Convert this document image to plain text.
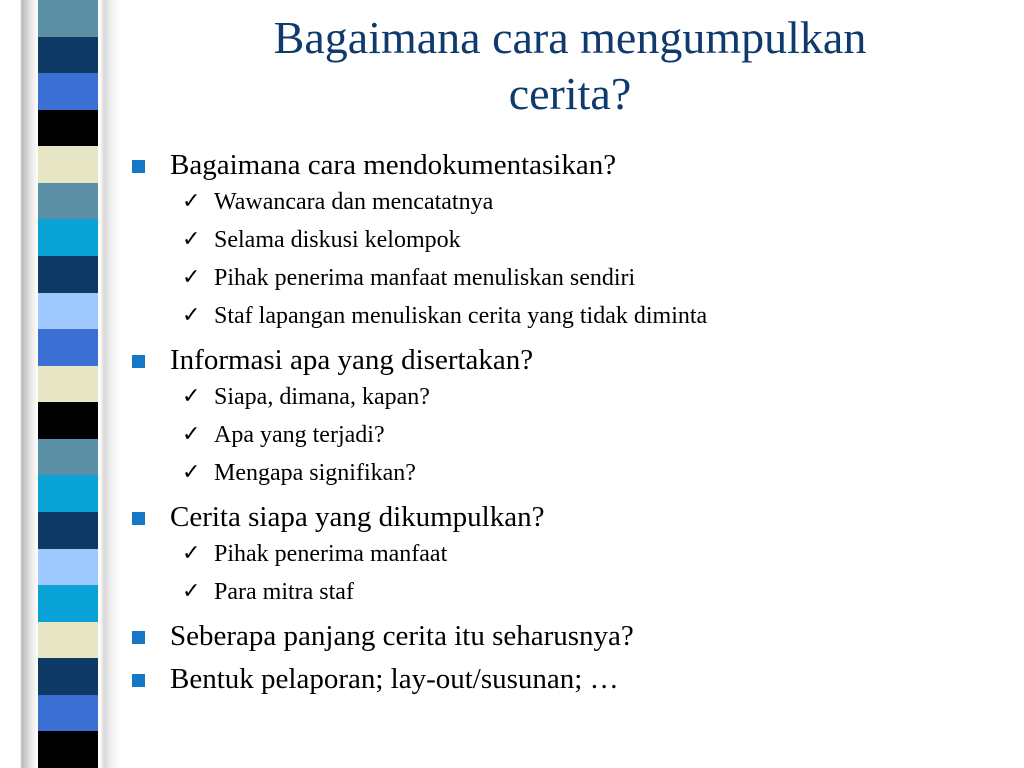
Bagaimana cara mengumpulkan
cerita?
Bagaimana cara mendokumentasikan?
✓ Wawancara dan mencatatnya
✓ Selama diskusi kelompok
✓ Pihak penerima manfaat menuliskan sendiri
✓ Staf lapangan menuliskan cerita yang tidak diminta
Informasi apa yang disertakan?
✓ Siapa, dimana, kapan?
✓ Apa yang terjadi?
✓ Mengapa signifikan?
Cerita siapa yang dikumpulkan?
✓ Pihak penerima manfaat
✓ Para mitra staf
Seberapa panjang cerita itu seharusnya?
Bentuk pelaporan; lay-out/susunan; …
